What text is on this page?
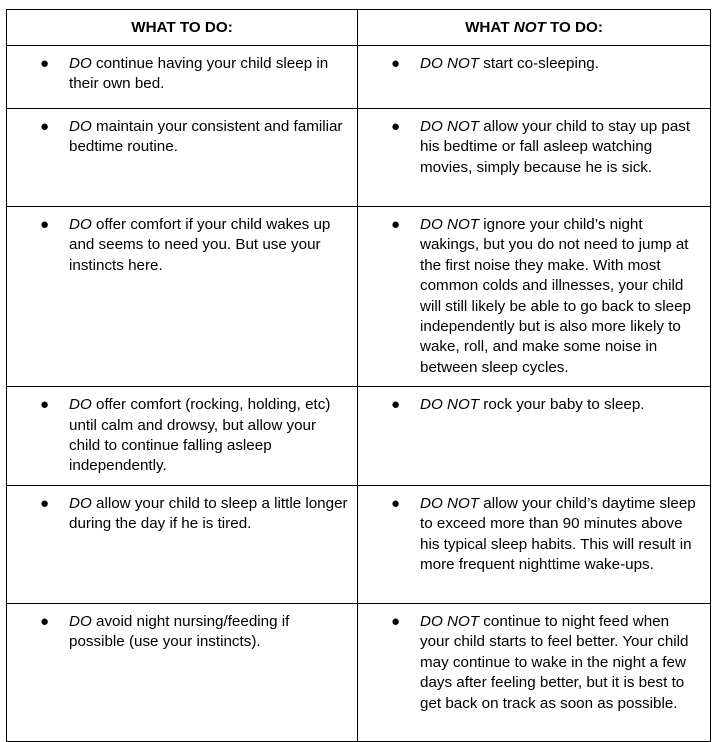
WHAT TO DO:	WHAT NOT TO DO:

● DO continue having your child sleep in their own bed.	● DO NOT start co-sleeping.

● DO maintain your consistent and familiar bedtime routine.	● DO NOT allow your child to stay up past his bedtime or fall asleep watching movies, simply because he is sick.

● DO offer comfort if your child wakes up and seems to need you. But use your instincts here.	● DO NOT ignore your child’s night wakings, but you do not need to jump at the first noise they make. With most common colds and illnesses, your child will still likely be able to go back to sleep independently but is also more likely to wake, roll, and make some noise in between sleep cycles.

● DO offer comfort (rocking, holding, etc) until calm and drowsy, but allow your child to continue falling asleep independently.	● DO NOT rock your baby to sleep.

● DO allow your child to sleep a little longer during the day if he is tired.	● DO NOT allow your child’s daytime sleep to exceed more than 90 minutes above his typical sleep habits. This will result in more frequent nighttime wake-ups.

● DO avoid night nursing/feeding if possible (use your instincts).	● DO NOT continue to night feed when your child starts to feel better. Your child may continue to wake in the night a few days after feeling better, but it is best to get back on track as soon as possible.
